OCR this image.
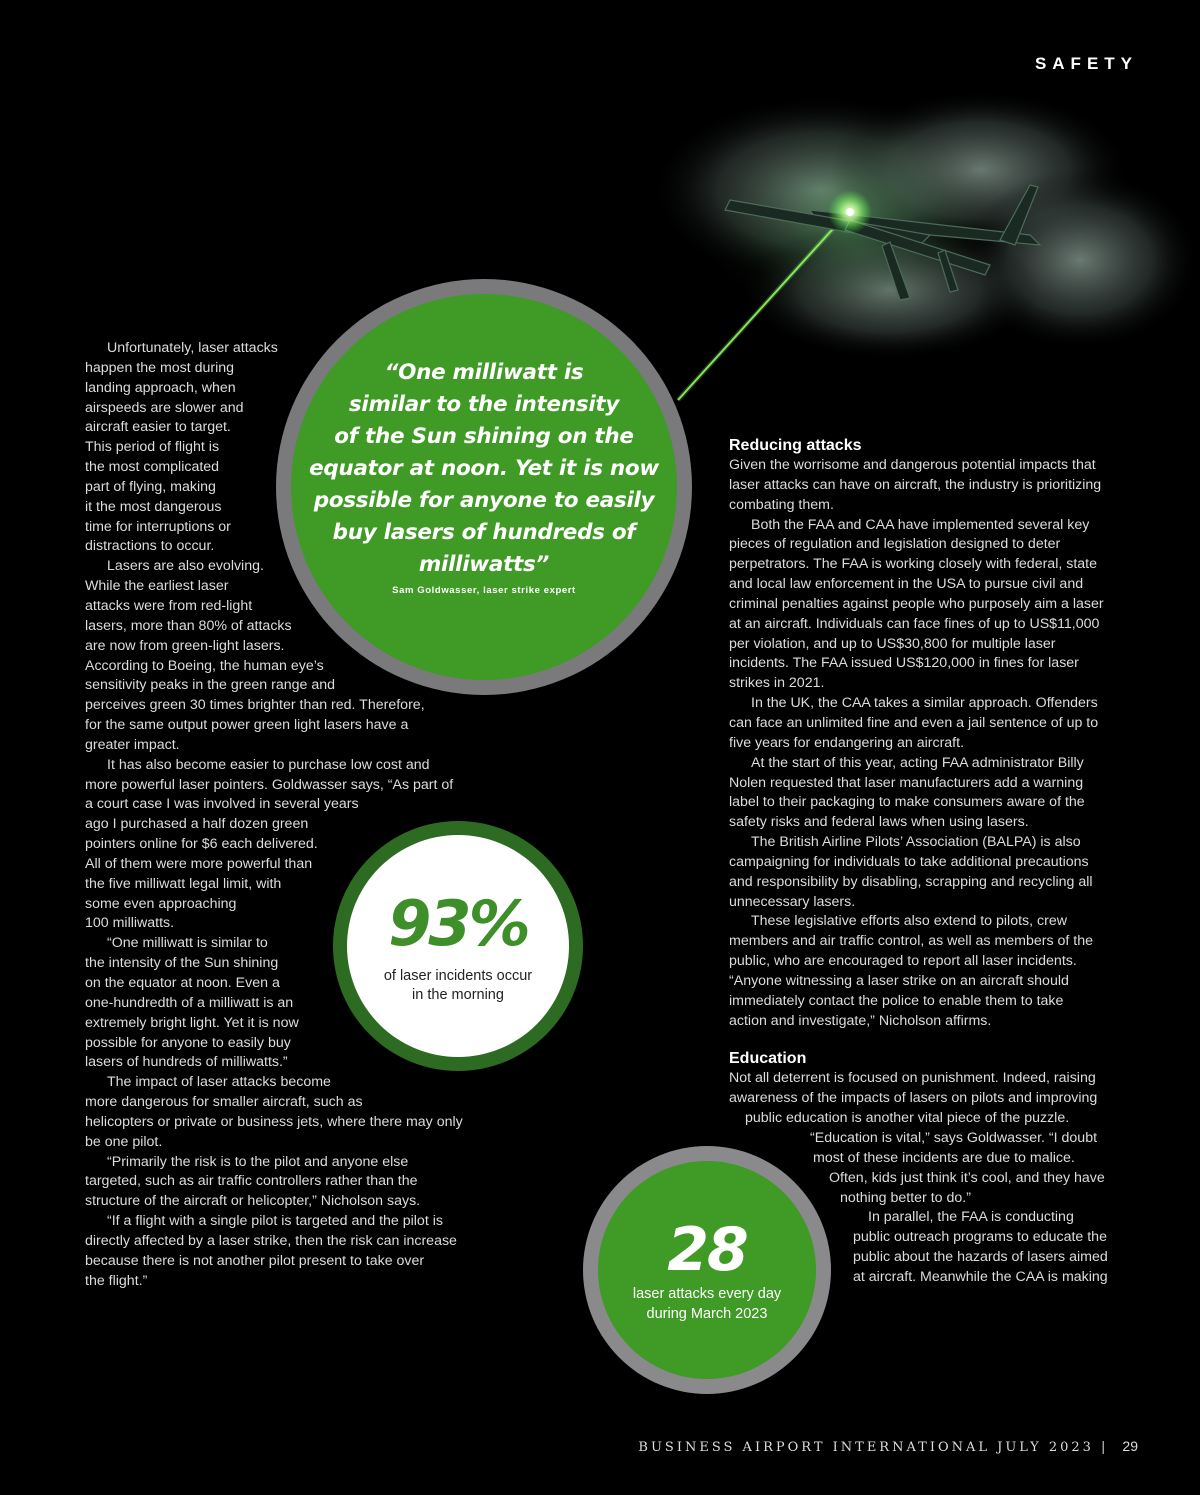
SAFETY
Unfortunately, laser attacks
happen the most during
landing approach, when
airspeeds are slower and
aircraft easier to target.
This period of flight is
the most complicated
part of flying, making
it the most dangerous
time for interruptions or
distractions to occur.
Lasers are also evolving.
While the earliest laser
attacks were from red-light
lasers, more than 80% of attacks
are now from green-light lasers.
According to Boeing, the human eye’s
sensitivity peaks in the green range and
perceives green 30 times brighter than red. Therefore,
for the same output power green light lasers have a
greater impact.
It has also become easier to purchase low cost and
more powerful laser pointers. Goldwasser says, “As part of
a court case I was involved in several years
ago I purchased a half dozen green
pointers online for $6 each delivered.
All of them were more powerful than
the five milliwatt legal limit, with
some even approaching
100 milliwatts.
“One milliwatt is similar to
the intensity of the Sun shining
on the equator at noon. Even a
one-hundredth of a milliwatt is an
extremely bright light. Yet it is now
possible for anyone to easily buy
lasers of hundreds of milliwatts.”
The impact of laser attacks become
more dangerous for smaller aircraft, such as
helicopters or private or business jets, where there may only
be one pilot.
“Primarily the risk is to the pilot and anyone else
targeted, such as air traffic controllers rather than the
structure of the aircraft or helicopter,” Nicholson says.
“If a flight with a single pilot is targeted and the pilot is
directly affected by a laser strike, then the risk can increase
because there is not another pilot present to take over
the flight.”
“One milliwatt is
similar to the intensity
of the Sun shining on the
equator at noon. Yet it is now
possible for anyone to easily
buy lasers of hundreds of
milliwatts”
Sam Goldwasser, laser strike expert
93%
of laser incidents occur
in the morning
Reducing attacks
Given the worrisome and dangerous potential impacts that
laser attacks can have on aircraft, the industry is prioritizing
combating them.
Both the FAA and CAA have implemented several key
pieces of regulation and legislation designed to deter
perpetrators. The FAA is working closely with federal, state
and local law enforcement in the USA to pursue civil and
criminal penalties against people who purposely aim a laser
at an aircraft. Individuals can face fines of up to US$11,000
per violation, and up to US$30,800 for multiple laser
incidents. The FAA issued US$120,000 in fines for laser
strikes in 2021.
In the UK, the CAA takes a similar approach. Offenders
can face an unlimited fine and even a jail sentence of up to
five years for endangering an aircraft.
At the start of this year, acting FAA administrator Billy
Nolen requested that laser manufacturers add a warning
label to their packaging to make consumers aware of the
safety risks and federal laws when using lasers.
The British Airline Pilots’ Association (BALPA) is also
campaigning for individuals to take additional precautions
and responsibility by disabling, scrapping and recycling all
unnecessary lasers.
These legislative efforts also extend to pilots, crew
members and air traffic control, as well as members of the
public, who are encouraged to report all laser incidents.
“Anyone witnessing a laser strike on an aircraft should
immediately contact the police to enable them to take
action and investigate,” Nicholson affirms.
Education
Not all deterrent is focused on punishment. Indeed, raising
awareness of the impacts of lasers on pilots and improving
public education is another vital piece of the puzzle.
“Education is vital,” says Goldwasser. “I doubt
most of these incidents are due to malice.
Often, kids just think it’s cool, and they have
nothing better to do.”
In parallel, the FAA is conducting
public outreach programs to educate the
public about the hazards of lasers aimed
at aircraft. Meanwhile the CAA is making
28
laser attacks every day
during March 2023
BUSINESS AIRPORT INTERNATIONAL JULY 2023 | 29
